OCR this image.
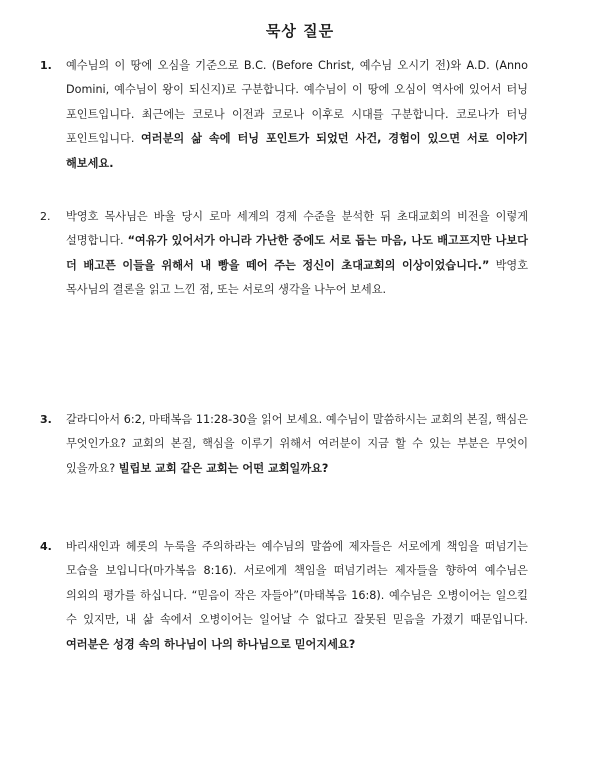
묵상 질문
1. 예수님의 이 땅에 오심을 기준으로 B.C. (Before Christ, 예수님 오시기 전)와 A.D. (Anno Domini, 예수님이 왕이 되신지)로 구분합니다. 예수님이 이 땅에 오심이 역사에 있어서 터닝 포인트입니다. 최근에는 코로나 이전과 코로나 이후로 시대를 구분합니다. 코로나가 터닝 포인트입니다. 여러분의 삶 속에 터닝 포인트가 되었던 사건, 경험이 있으면 서로 이야기 해보세요.
2. 박영호 목사님은 바울 당시 로마 세계의 경제 수준을 분석한 뒤 초대교회의 비전을 이렇게 설명합니다. “여유가 있어서가 아니라 가난한 중에도 서로 돕는 마음, 나도 배고프지만 나보다 더 배고픈 이들을 위해서 내 빵을 떼어 주는 정신이 초대교회의 이상이었습니다.” 박영호 목사님의 결론을 읽고 느낀 점, 또는 서로의 생각을 나누어 보세요.
3. 갈라디아서 6:2, 마태복음 11:28-30을 읽어 보세요. 예수님이 말씀하시는 교회의 본질, 핵심은 무엇인가요? 교회의 본질, 핵심을 이루기 위해서 여러분이 지금 할 수 있는 부분은 무엇이 있을까요? 빌립보 교회 같은 교회는 어떤 교회일까요?
4. 바리새인과 헤롯의 누룩을 주의하라는 예수님의 말씀에 제자들은 서로에게 책임을 떠넘기는 모습을 보입니다(마가복음 8:16). 서로에게 책임을 떠넘기려는 제자들을 향하여 예수님은 의외의 평가를 하십니다. “믿음이 작은 자들아”(마태복음 16:8). 예수님은 오병이어는 일으킬 수 있지만, 내 삶 속에서 오병이어는 일어날 수 없다고 잘못된 믿음을 가졌기 때문입니다. 여러분은 성경 속의 하나님이 나의 하나님으로 믿어지세요?
